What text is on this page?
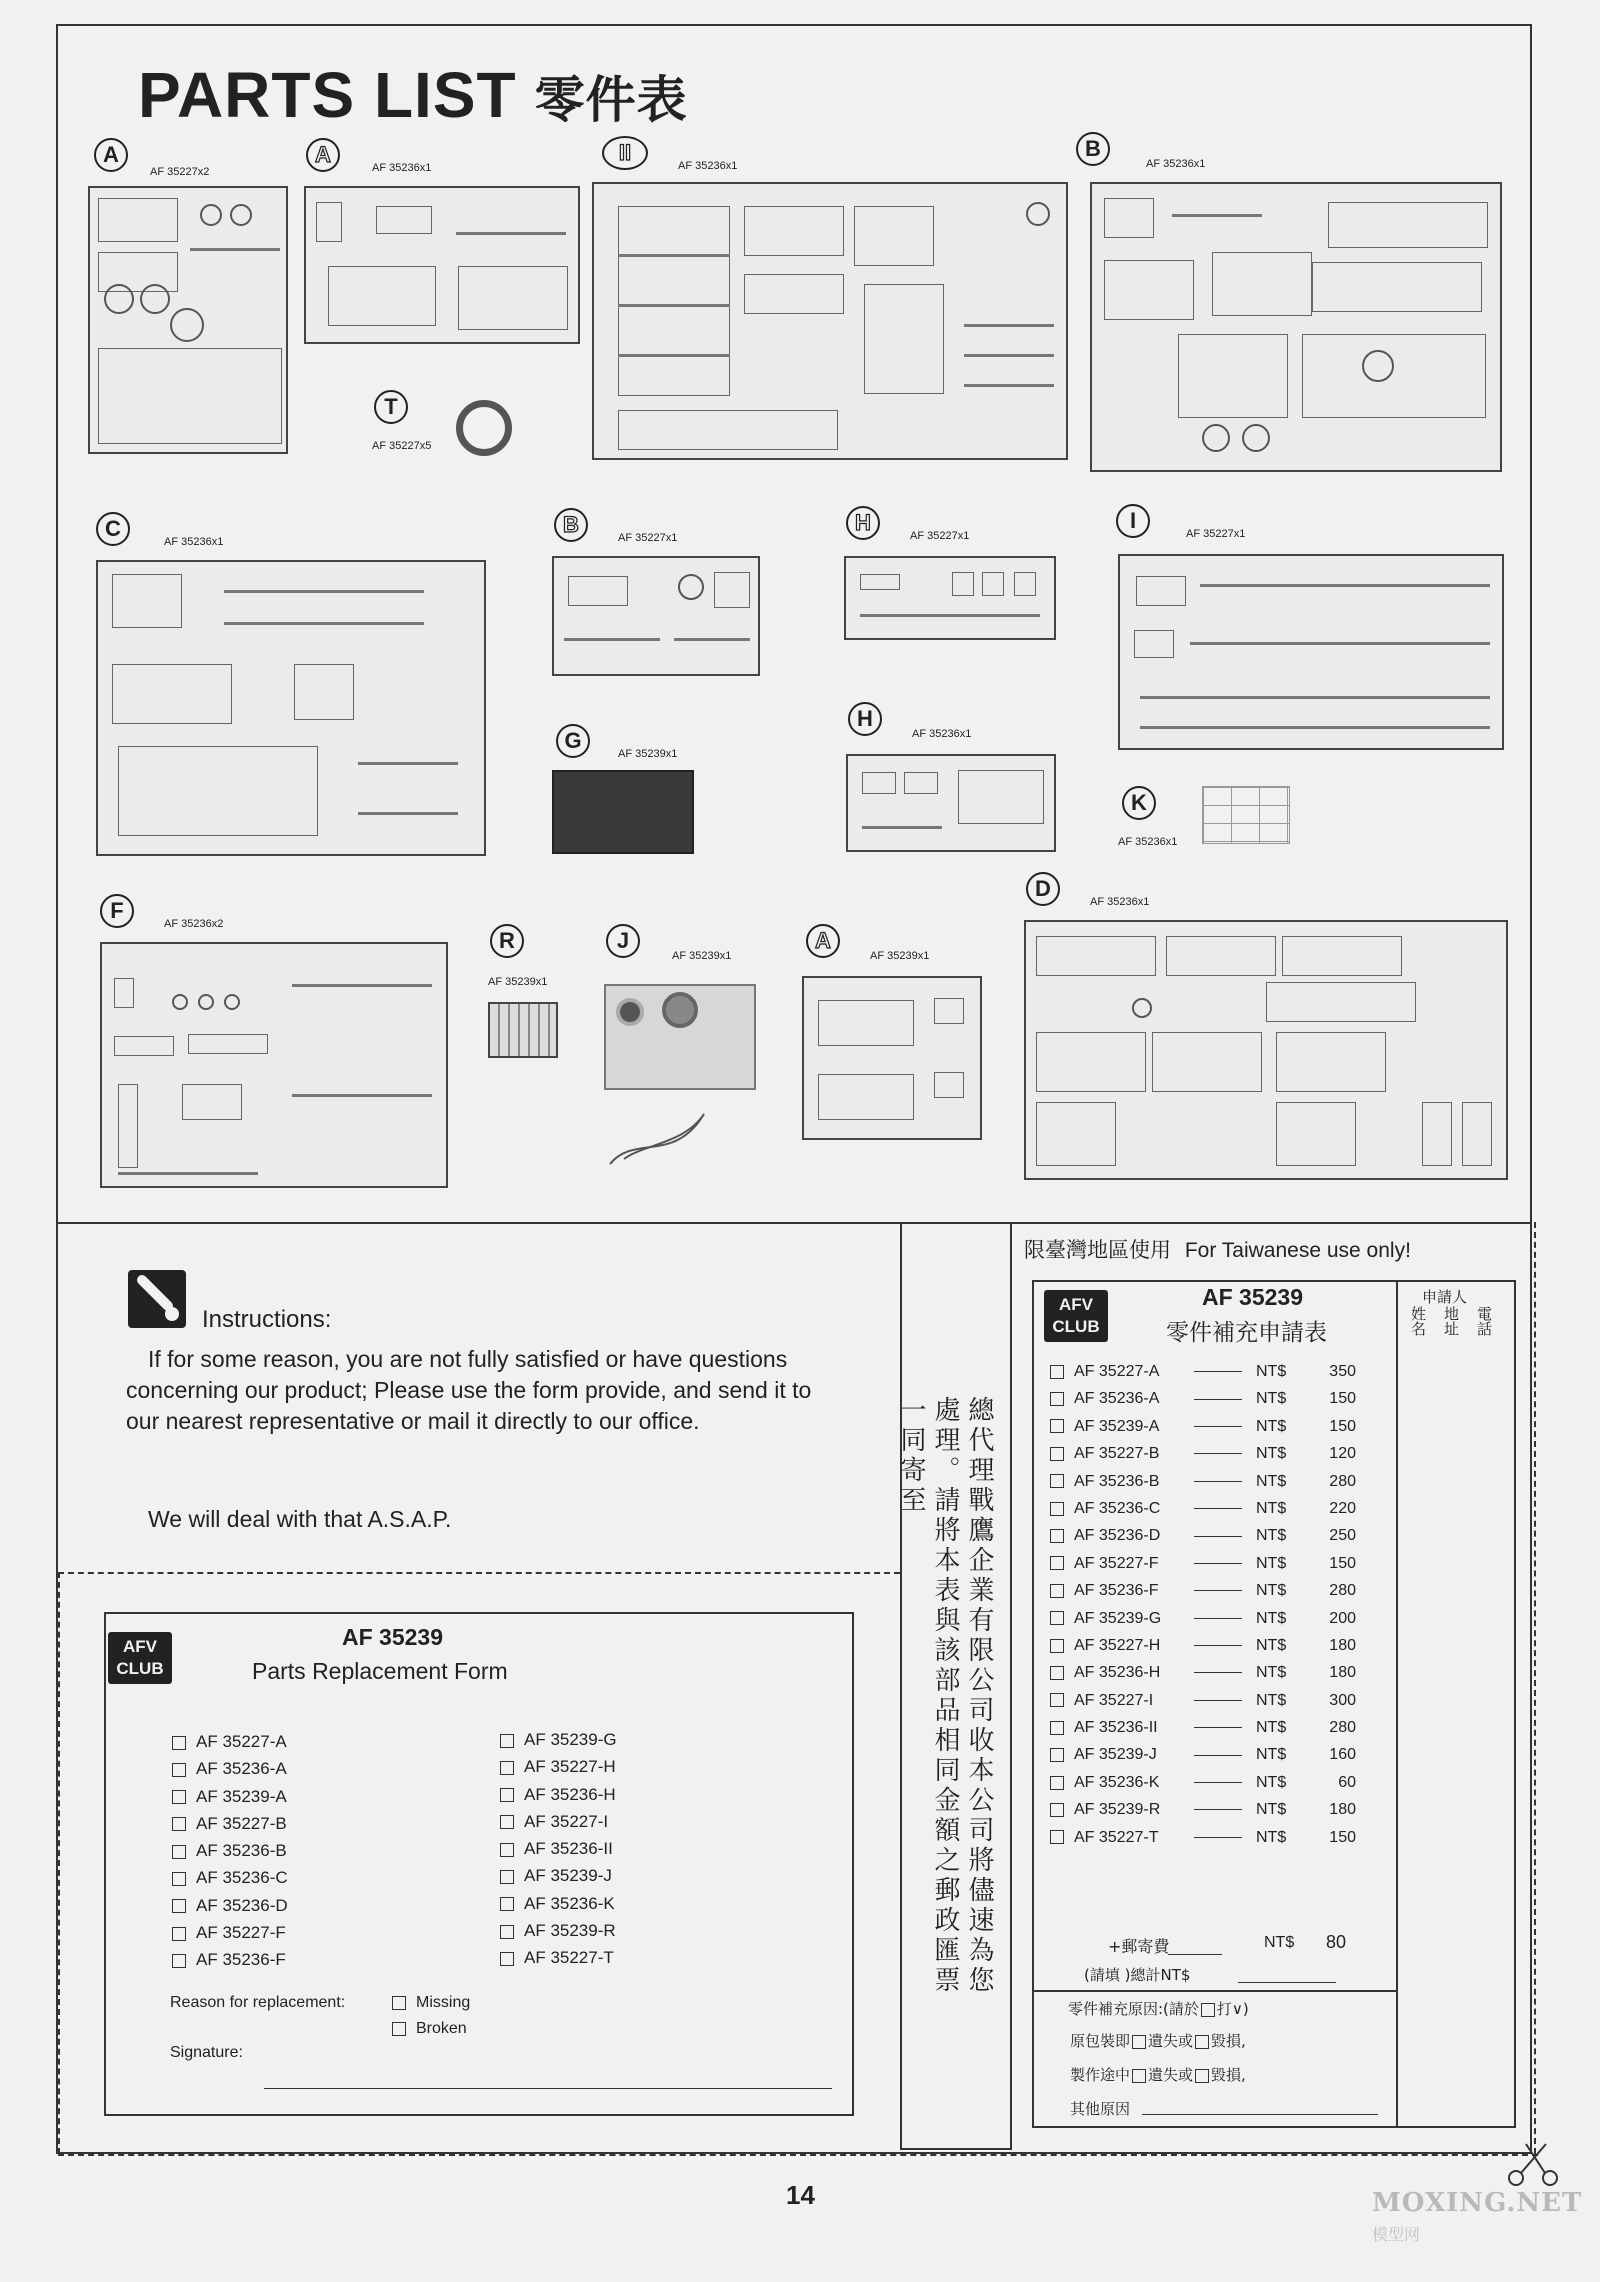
PARTS LIST 零件表
A
AF 35227x2
A
AF 35236x1
II
AF 35236x1
B
AF 35236x1
T
AF 35227x5
C
AF 35236x1
B
AF 35227x1
H
AF 35227x1
I
AF 35227x1
G
AF 35239x1
H
AF 35236x1
K
AF 35236x1
F
AF 35236x2
R
AF 35239x1
J
AF 35239x1
A
AF 35239x1
D
AF 35236x1
Instructions:
If for some reason, you are not fully satisfied or have questions concerning our product; Please use the form provide, and send it to our nearest representative or mail it directly to our office.
We will deal with that A.S.A.P.
AFV
CLUB
AF 35239
Parts Replacement Form
AF 35227-A
AF 35236-A
AF 35239-A
AF 35227-B
AF 35236-B
AF 35236-C
AF 35236-D
AF 35227-F
AF 35236-F
AF 35239-G
AF 35227-H
AF 35236-H
AF 35227-I
AF 35236-II
AF 35239-J
AF 35236-K
AF 35239-R
AF 35227-T
Reason for replacement:	Missing
Broken
Signature:
總代理戰鷹企業有限公司收本公司將儘速為您處理。請將本表與該部品相同金額之郵政匯票一同寄至
限臺灣地區使用 For Taiwanese use only!
AFV
CLUB
AF 35239
零件補充申請表
申請人
姓名 地址 電話
AF 35227-A	NT$	350
AF 35236-A	NT$	150
AF 35239-A	NT$	150
AF 35227-B	NT$	120
AF 35236-B	NT$	280
AF 35236-C	NT$	220
AF 35236-D	NT$	250
AF 35227-F	NT$	150
AF 35236-F	NT$	280
AF 35239-G	NT$	200
AF 35227-H	NT$	180
AF 35236-H	NT$	180
AF 35227-I	NT$	300
AF 35236-II	NT$	280
AF 35239-J	NT$	160
AF 35236-K	NT$	60
AF 35239-R	NT$	180
AF 35227-T	NT$	150
+郵寄費	NT$ 80
(請填 )總計NT$
零件補充原因:(請於 打∨)
原包裝即 遺失或 毀損,
製作途中 遺失或 毀損,
其他原因
14	MOXING.NET
模型网
